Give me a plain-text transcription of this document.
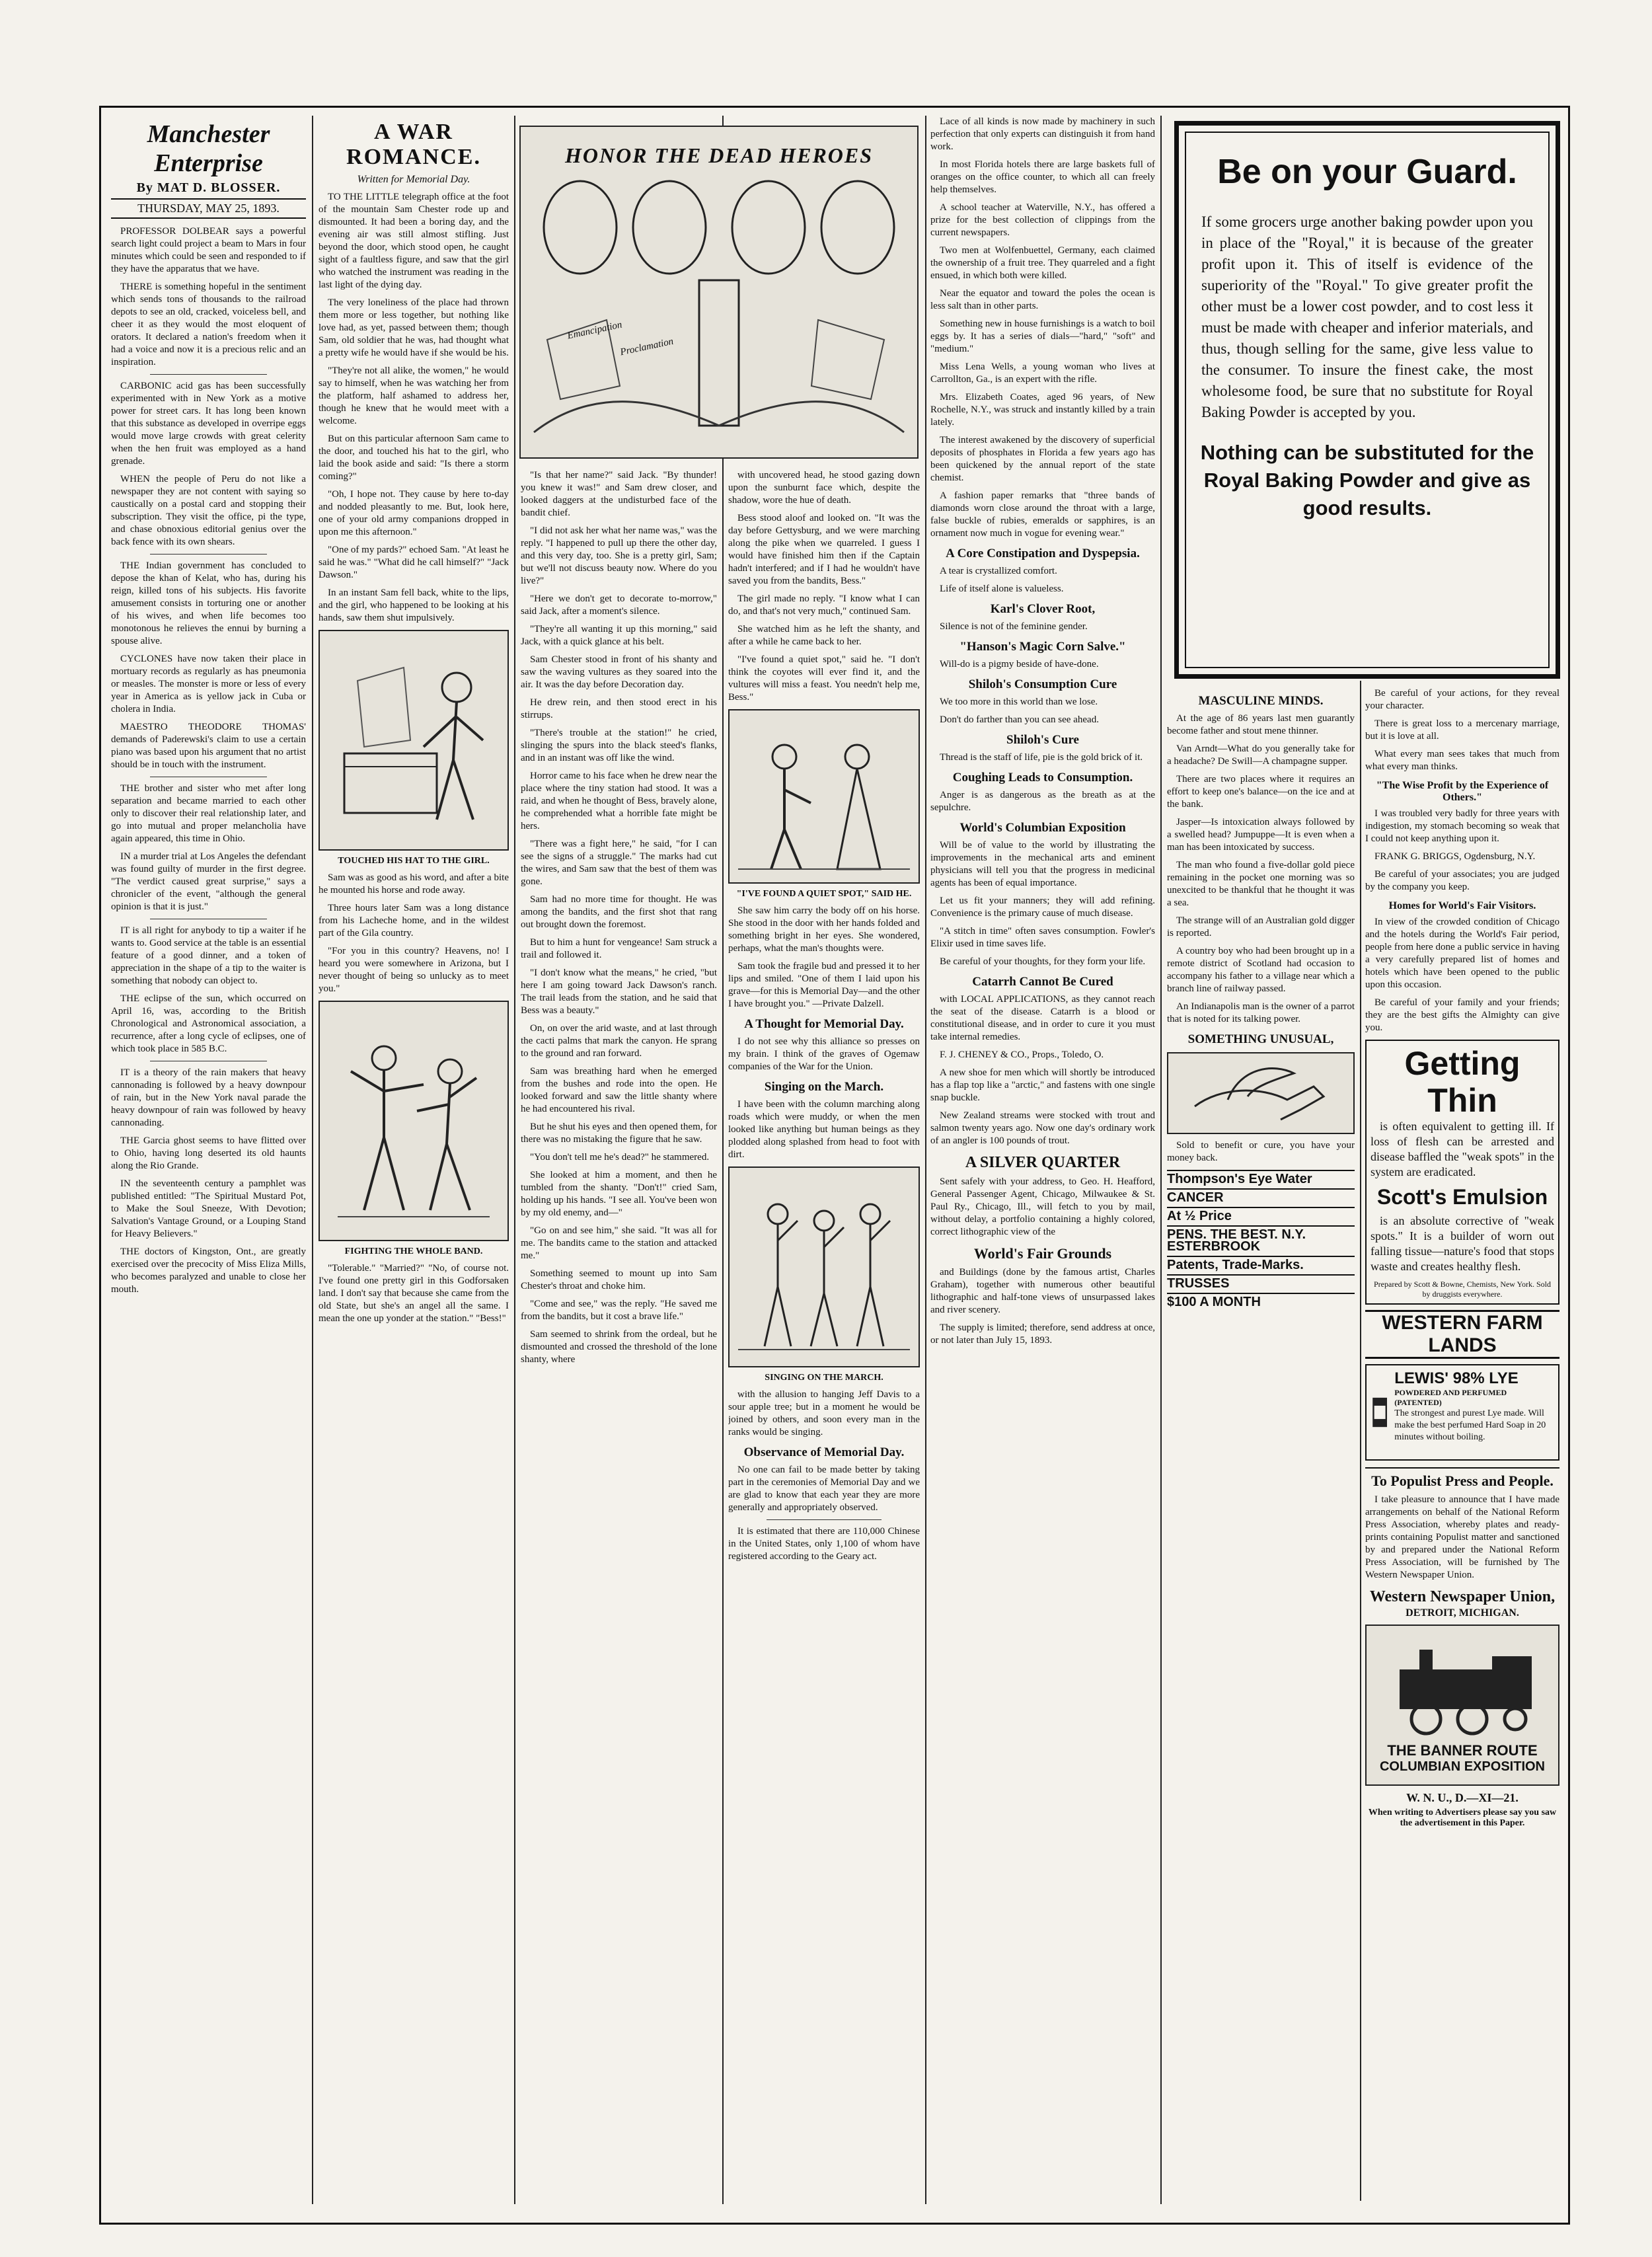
Manchester Enterprise
By MAT D. BLOSSER.
THURSDAY, MAY 25, 1893.

PROFESSOR DOLBEAR says a powerful search light could project a beam to Mars in four minutes which could be seen and responded to if they have the apparatus that we have.

THERE is something hopeful in the sentiment which sends tons of thousands to the railroad depots to see an old, cracked, voiceless bell, and cheer it as they would the most eloquent of orators. It declared a nation's freedom when it had a voice and now it is a precious relic and an inspiration.

CARBONIC acid gas has been successfully experimented with in New York as a motive power for street cars. It has long been known that this substance as developed in overripe eggs would move large crowds with great celerity when the hen fruit was employed as a hand grenade.

WHEN the people of Peru do not like a newspaper they are not content with saying so caustically on a postal card and stopping their subscription. They visit the office, pi the type, and chase obnoxious editorial genius over the back fence with its own shears.

THE Indian government has concluded to depose the khan of Kelat, who has, during his reign, killed tons of his subjects. His favorite amusement consists in torturing one or another of his wives, and when life becomes too monotonous he relieves the ennui by burning a spouse alive.

CYCLONES have now taken their place in mortuary records as regularly as has pneumonia or measles. The monster is more or less of every year in America as is yellow jack in Cuba or cholera in India.

MAESTRO THEODORE THOMAS' demands of Paderewski's claim to use a certain piano was based upon his argument that no artist should be in touch with the instrument.

THE brother and sister who met after long separation and became married to each other only to discover their real relationship later, and go into mutual and proper melancholia have again appeared, this time in Ohio.

IN a murder trial at Los Angeles the defendant was found guilty of murder in the first degree. "The verdict caused great surprise," says a chronicler of the event, "although the general opinion is that it is just."

IT is all right for anybody to tip a waiter if he wants to. Good service at the table is an essential feature of a good dinner, and a token of appreciation in the shape of a tip to the waiter is something that nobody can object to.

THE eclipse of the sun, which occurred on April 16, was, according to the British Chronological and Astronomical association, a recurrence, after a long cycle of eclipses, one of which took place in 585 B.C.

IT is a theory of the rain makers that heavy cannonading is followed by a heavy downpour of rain, but in the New York naval parade the heavy downpour of rain was followed by heavy cannonading.

THE Garcia ghost seems to have flitted over to Ohio, having long deserted its old haunts along the Rio Grande.

IN the seventeenth century a pamphlet was published entitled: "The Spiritual Mustard Pot, to Make the Soul Sneeze, With Devotion; Salvation's Vantage Ground, or a Louping Stand for Heavy Believers."

THE doctors of Kingston, Ont., are greatly exercised over the precocity of Miss Eliza Mills, who becomes paralyzed and unable to close her mouth.

A WAR ROMANCE.
Written for Memorial Day.

TO THE LITTLE telegraph office at the foot of the mountain Sam Chester rode up and dismounted. It had been a boring day, and the evening air was still almost stifling. Just beyond the door, which stood open, he caught sight of a faultless figure, and saw that the girl who watched the instrument was reading in the last light of the dying day.

The very loneliness of the place had thrown them more or less together, but nothing like love had, as yet, passed between them; though Sam, old soldier that he was, had thought what a pretty wife he would have if she would be his.

"They're not all alike, the women," he would say to himself, when he was watching her from the platform, half ashamed to address her, though he knew that he would meet with a welcome.

But on this particular afternoon Sam came to the door, and touched his hat to the girl, who laid the book aside and said: "Is there a storm coming?"

"Oh, I hope not. They cause by here to-day and nodded pleasantly to me. But, look here, one of your old army companions dropped in upon me this afternoon."

"One of my pards?" echoed Sam. "At least he said he was." "What did he call himself?" "Jack Dawson."

In an instant Sam fell back, white to the lips, and the girl, who happened to be looking at his hands, saw them shut impulsively.

TOUCHED HIS HAT TO THE GIRL.

Sam was as good as his word, and after a bite he mounted his horse and rode away.

Three hours later Sam was a long distance from his Lacheche home, and in the wildest part of the Gila country.

"For you in this country? Heavens, no! I heard you were somewhere in Arizona, but I never thought of being so unlucky as to meet you."

FIGHTING THE WHOLE BAND.

"Tolerable." "Married?" "No, of course not. I've found one pretty girl in this Godforsaken land. I don't say that because she came from the old State, but she's an angel all the same. I mean the one up yonder at the station." "Bess!"

HONOR THE DEAD HEROES
Emancipation
Proclamation

"Is that her name?" said Jack. "By thunder! you knew it was!" and Sam drew closer, and looked daggers at the undisturbed face of the bandit chief.

"I did not ask her what her name was," was the reply. "I happened to pull up there the other day, and this very day, too. She is a pretty girl, Sam; but we'll not discuss beauty now. Where do you live?"

"Here we don't get to decorate to-morrow," said Jack, after a moment's silence.

"They're all wanting it up this morning," said Jack, with a quick glance at his belt.

Sam Chester stood in front of his shanty and saw the waving vultures as they soared into the air. It was the day before Decoration day.

He drew rein, and then stood erect in his stirrups.

"There's trouble at the station!" he cried, slinging the spurs into the black steed's flanks, and in an instant was off like the wind.

Horror came to his face when he drew near the place where the tiny station had stood. It was a raid, and when he thought of Bess, bravely alone, he comprehended what a horrible fate might be hers.

"There was a fight here," he said, "for I can see the signs of a struggle." The marks had cut the wires, and Sam saw that the best of them was gone.

Sam had no more time for thought. He was among the bandits, and the first shot that rang out brought down the foremost.

But to him a hunt for vengeance! Sam struck a trail and followed it.

"I don't know what the means," he cried, "but here I am going toward Jack Dawson's ranch. The trail leads from the station, and he said that Bess was a beauty."

On, on over the arid waste, and at last through the cacti palms that mark the canyon. He sprang to the ground and ran forward.

Sam was breathing hard when he emerged from the bushes and rode into the open. He looked forward and saw the little shanty where he had encountered his rival.

But he shut his eyes and then opened them, for there was no mistaking the figure that he saw.

"You don't tell me he's dead?" he stammered.

She looked at him a moment, and then he tumbled from the shanty. "Don't!" cried Sam, holding up his hands. "I see all. You've been won by my old enemy, and—"

"Go on and see him," she said. "It was all for me. The bandits came to the station and attacked me."

Something seemed to mount up into Sam Chester's throat and choke him.

"Come and see," was the reply. "He saved me from the bandits, but it cost a brave life."

Sam seemed to shrink from the ordeal, but he dismounted and crossed the threshold of the lone shanty, where

with uncovered head, he stood gazing down upon the sunburnt face which, despite the shadow, wore the hue of death.

Bess stood aloof and looked on. "It was the day before Gettysburg, and we were marching along the pike when we quarreled. I guess I would have finished him then if the Captain hadn't interfered; and if I had he wouldn't have saved you from the bandits, Bess."

The girl made no reply. "I know what I can do, and that's not very much," continued Sam.

She watched him as he left the shanty, and after a while he came back to her.

"I've found a quiet spot," said he. "I don't think the coyotes will ever find it, and the vultures will miss a feast. You needn't help me, Bess."

"I'VE FOUND A QUIET SPOT," SAID HE.

She saw him carry the body off on his horse. She stood in the door with her hands folded and something bright in her eyes. She wondered, perhaps, what the man's thoughts were.

Sam took the fragile bud and pressed it to her lips and smiled. "One of them I laid upon his grave—for this is Memorial Day—and the other I have brought you." —Private Dalzell.

A Thought for Memorial Day.

I do not see why this alliance so presses on my brain. I think of the graves of Ogemaw companies of the War for the Union.

Singing on the March.

I have been with the column marching along roads which were muddy, or when the men looked like anything but human beings as they plodded along splashed from head to foot with dirt.

SINGING ON THE MARCH.

with the allusion to hanging Jeff Davis to a sour apple tree; but in a moment he would be joined by others, and soon every man in the ranks would be singing.

Observance of Memorial Day.

No one can fail to be made better by taking part in the ceremonies of Memorial Day and we are glad to know that each year they are more generally and appropriately observed.

It is estimated that there are 110,000 Chinese in the United States, only 1,100 of whom have registered according to the Geary act.

Lace of all kinds is now made by machinery in such perfection that only experts can distinguish it from hand work.

In most Florida hotels there are large baskets full of oranges on the office counter, to which all can freely help themselves.

A school teacher at Waterville, N.Y., has offered a prize for the best collection of clippings from the current newspapers.

Two men at Wolfenbuettel, Germany, each claimed the ownership of a fruit tree. They quarreled and a fight ensued, in which both were killed.

Near the equator and toward the poles the ocean is less salt than in other parts.

Something new in house furnishings is a watch to boil eggs by. It has a series of dials—"hard," "soft" and "medium."

Miss Lena Wells, a young woman who lives at Carrollton, Ga., is an expert with the rifle.

Mrs. Elizabeth Coates, aged 96 years, of New Rochelle, N.Y., was struck and instantly killed by a train lately.

The interest awakened by the discovery of superficial deposits of phosphates in Florida a few years ago has been quickened by the annual report of the state chemist.

A fashion paper remarks that "three bands of diamonds worn close around the throat with a large, false buckle of rubies, emeralds or sapphires, is an ornament now much in vogue for evening wear."

A Core Constipation and Dyspepsia.

A tear is crystallized comfort.

Life of itself alone is valueless.

Karl's Clover Root,

Silence is not of the feminine gender.

"Hanson's Magic Corn Salve."

Will-do is a pigmy beside of have-done.

Shiloh's Consumption Cure

We too more in this world than we lose.

Don't do farther than you can see ahead.

Shiloh's Cure

Thread is the staff of life, pie is the gold brick of it.

Coughing Leads to Consumption.

Anger is as dangerous as the breath as at the sepulchre.

World's Columbian Exposition

Will be of value to the world by illustrating the improvements in the mechanical arts and eminent physicians will tell you that the progress in medicinal agents has been of equal importance.

Let us fit your manners; they will add refining. Convenience is the primary cause of much disease.

"A stitch in time" often saves consumption. Fowler's Elixir used in time saves life.

Be careful of your thoughts, for they form your life.

Catarrh Cannot Be Cured

with LOCAL APPLICATIONS, as they cannot reach the seat of the disease. Catarrh is a blood or constitutional disease, and in order to cure it you must take internal remedies.

F. J. CHENEY & CO., Props., Toledo, O.

A new shoe for men which will shortly be introduced has a flap top like a "arctic," and fastens with one single snap buckle.

New Zealand streams were stocked with trout and salmon twenty years ago. Now one day's ordinary work of an angler is 100 pounds of trout.

A SILVER QUARTER

Sent safely with your address, to Geo. H. Heafford, General Passenger Agent, Chicago, Milwaukee & St. Paul Ry., Chicago, Ill., will fetch to you by mail, without delay, a portfolio containing a highly colored, correct lithographic view of the

World's Fair Grounds

and Buildings (done by the famous artist, Charles Graham), together with numerous other beautiful lithographic and half-tone views of unsurpassed lakes and river scenery.

The supply is limited; therefore, send address at once, or not later than July 15, 1893.

Be on your Guard.
If some grocers urge another baking powder upon you in place of the "Royal," it is because of the greater profit upon it. This of itself is evidence of the superiority of the "Royal." To give greater profit the other must be a lower cost powder, and to cost less it must be made with cheaper and inferior materials, and thus, though selling for the same, give less value to the consumer. To insure the finest cake, the most wholesome food, be sure that no substitute for Royal Baking Powder is accepted by you.
Nothing can be substituted for the Royal Baking Powder and give as good results.
MASCULINE MINDS.

At the age of 86 years last men guarantly become father and stout mene thinner.

Van Arndt—What do you generally take for a headache? De Swill—A champagne supper.

There are two places where it requires an effort to keep one's balance—on the ice and at the bank.

Jasper—Is intoxication always followed by a swelled head? Jumpuppe—It is even when a man has been intoxicated by success.

The man who found a five-dollar gold piece remaining in the pocket one morning was so unexcited to be thankful that he thought it was a sea.

The strange will of an Australian gold digger is reported.

A country boy who had been brought up in a remote district of Scotland had occasion to accompany his father to a village near which a branch line of railway passed.

An Indianapolis man is the owner of a parrot that is noted for its talking power.

SOMETHING UNUSUAL,

Sold to benefit or cure, you have your money back.

Thompson's Eye Water
CANCER
At ½ Price
PENS. THE BEST. N.Y. ESTERBROOK
Patents, Trade-Marks.
TRUSSES
$100 A MONTH

Be careful of your actions, for they reveal your character.

There is great loss to a mercenary marriage, but it is love at all.

What every man sees takes that much from what every man thinks.

"The Wise Profit by the Experience of Others."

I was troubled very badly for three years with indigestion, my stomach becoming so weak that I could not keep anything upon it.

FRANK G. BRIGGS, Ogdensburg, N.Y.

Be careful of your associates; you are judged by the company you keep.

Homes for World's Fair Visitors.

In view of the crowded condition of Chicago and the hotels during the World's Fair period, people from here done a public service in having a very carefully prepared list of homes and hotels which have been opened to the public upon this occasion.

Be careful of your family and your friends; they are the best gifts the Almighty can give you.

Getting Thin

is often equivalent to getting ill. If loss of flesh can be arrested and disease baffled the "weak spots" in the system are eradicated.

Scott's Emulsion

is an absolute corrective of "weak spots." It is a builder of worn out falling tissue—nature's food that stops waste and creates healthy flesh.

Prepared by Scott & Bowne, Chemists, New York. Sold by druggists everywhere.
WESTERN FARM LANDS
LEWIS' 98% LYE
POWDERED AND PERFUMED (PATENTED)
The strongest and purest Lye made. Will make the best perfumed Hard Soap in 20 minutes without boiling.
To Populist Press and People.

I take pleasure to announce that I have made arrangements on behalf of the National Reform Press Association, whereby plates and ready-prints containing Populist matter and sanctioned by and prepared under the National Reform Press Association, will be furnished by The Western Newspaper Union.

Western Newspaper Union,
DETROIT, MICHIGAN.
THE BANNER ROUTE
COLUMBIAN EXPOSITION
W. N. U., D.—XI—21.
When writing to Advertisers please say you saw the advertisement in this Paper.
